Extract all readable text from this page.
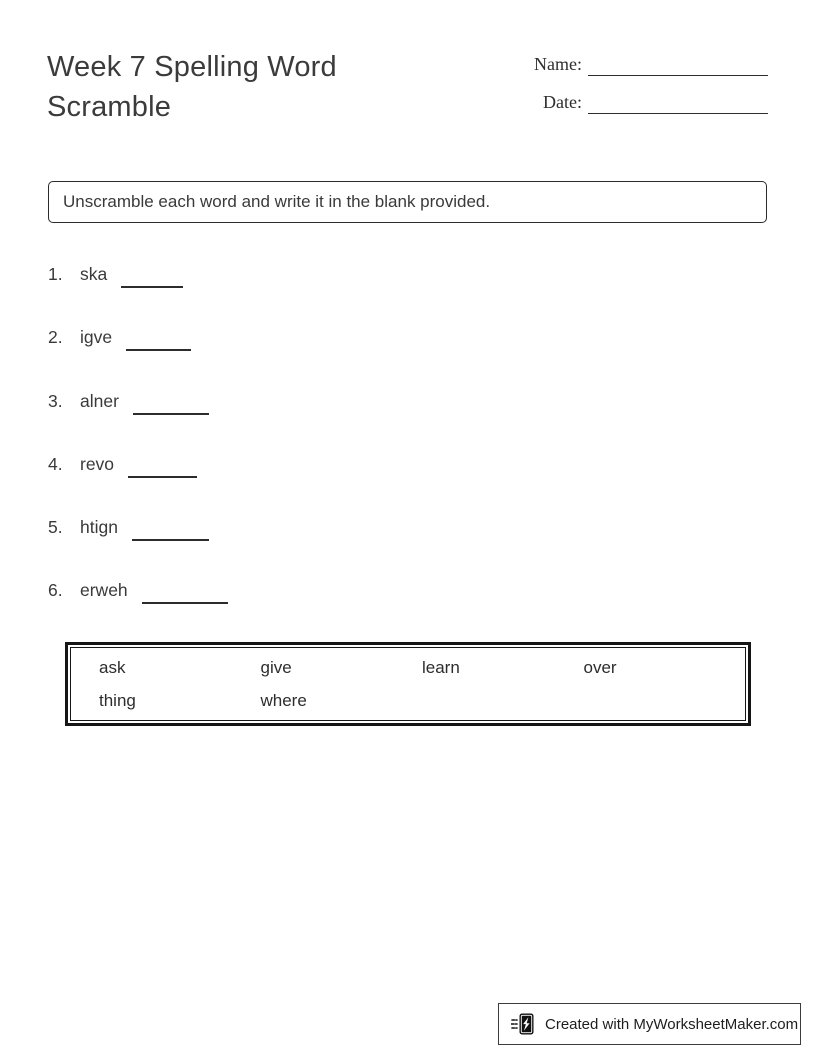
Week 7 Spelling Word Scramble
Name:
Date:
Unscramble each word and write it in the blank provided.
1. ska
2. igve
3. alner
4. revo
5. htign
6. erweh
ask	give	learn	over
thing	where
Created with MyWorksheetMaker.com
